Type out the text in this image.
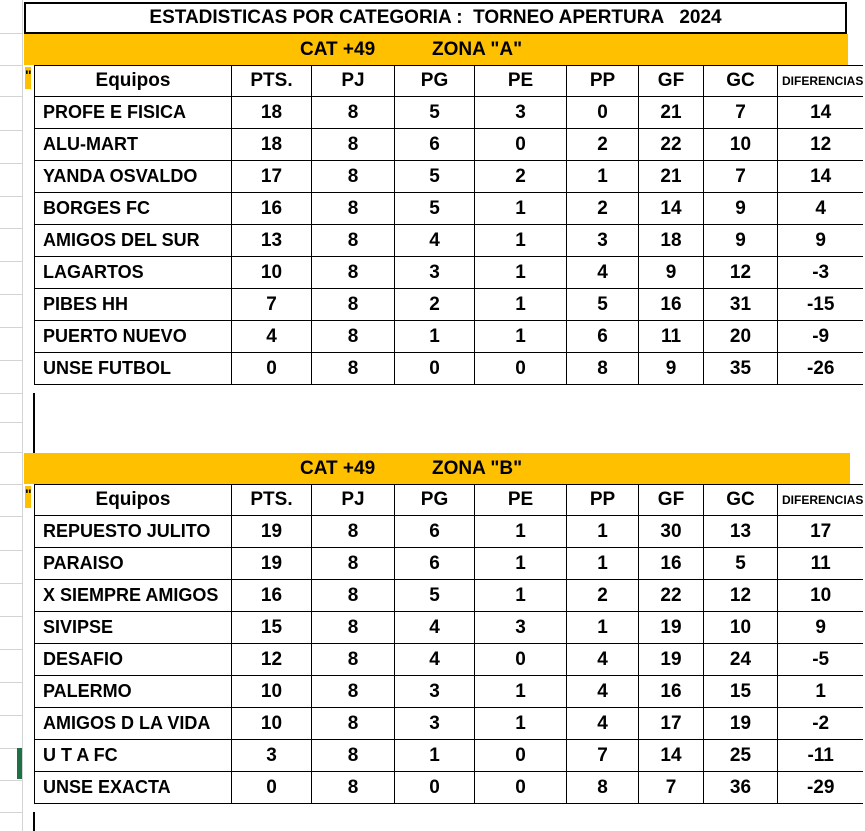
ESTADISTICAS POR CATEGORIA :  TORNEO APERTURA   2024
CAT +49	ZONA "A"
"	Equipos	PTS.	PJ	PG	PE	PP	GF	GC	DIFERENCIAS
PROFE E FISICA	18	8	5	3	0	21	7	14
ALU-MART	18	8	6	0	2	22	10	12
YANDA OSVALDO	17	8	5	2	1	21	7	14
BORGES FC	16	8	5	1	2	14	9	4
AMIGOS DEL SUR	13	8	4	1	3	18	9	9
LAGARTOS	10	8	3	1	4	9	12	-3
PIBES HH	7	8	2	1	5	16	31	-15
PUERTO NUEVO	4	8	1	1	6	11	20	-9
UNSE FUTBOL	0	8	0	0	8	9	35	-26
CAT +49	ZONA "B"
"	Equipos	PTS.	PJ	PG	PE	PP	GF	GC	DIFERENCIAS
REPUESTO JULITO	19	8	6	1	1	30	13	17
PARAISO	19	8	6	1	1	16	5	11
X SIEMPRE AMIGOS	16	8	5	1	2	22	12	10
SIVIPSE	15	8	4	3	1	19	10	9
DESAFIO	12	8	4	0	4	19	24	-5
PALERMO	10	8	3	1	4	16	15	1
AMIGOS D LA VIDA	10	8	3	1	4	17	19	-2
U T A FC	3	8	1	0	7	14	25	-11
UNSE EXACTA	0	8	0	0	8	7	36	-29
